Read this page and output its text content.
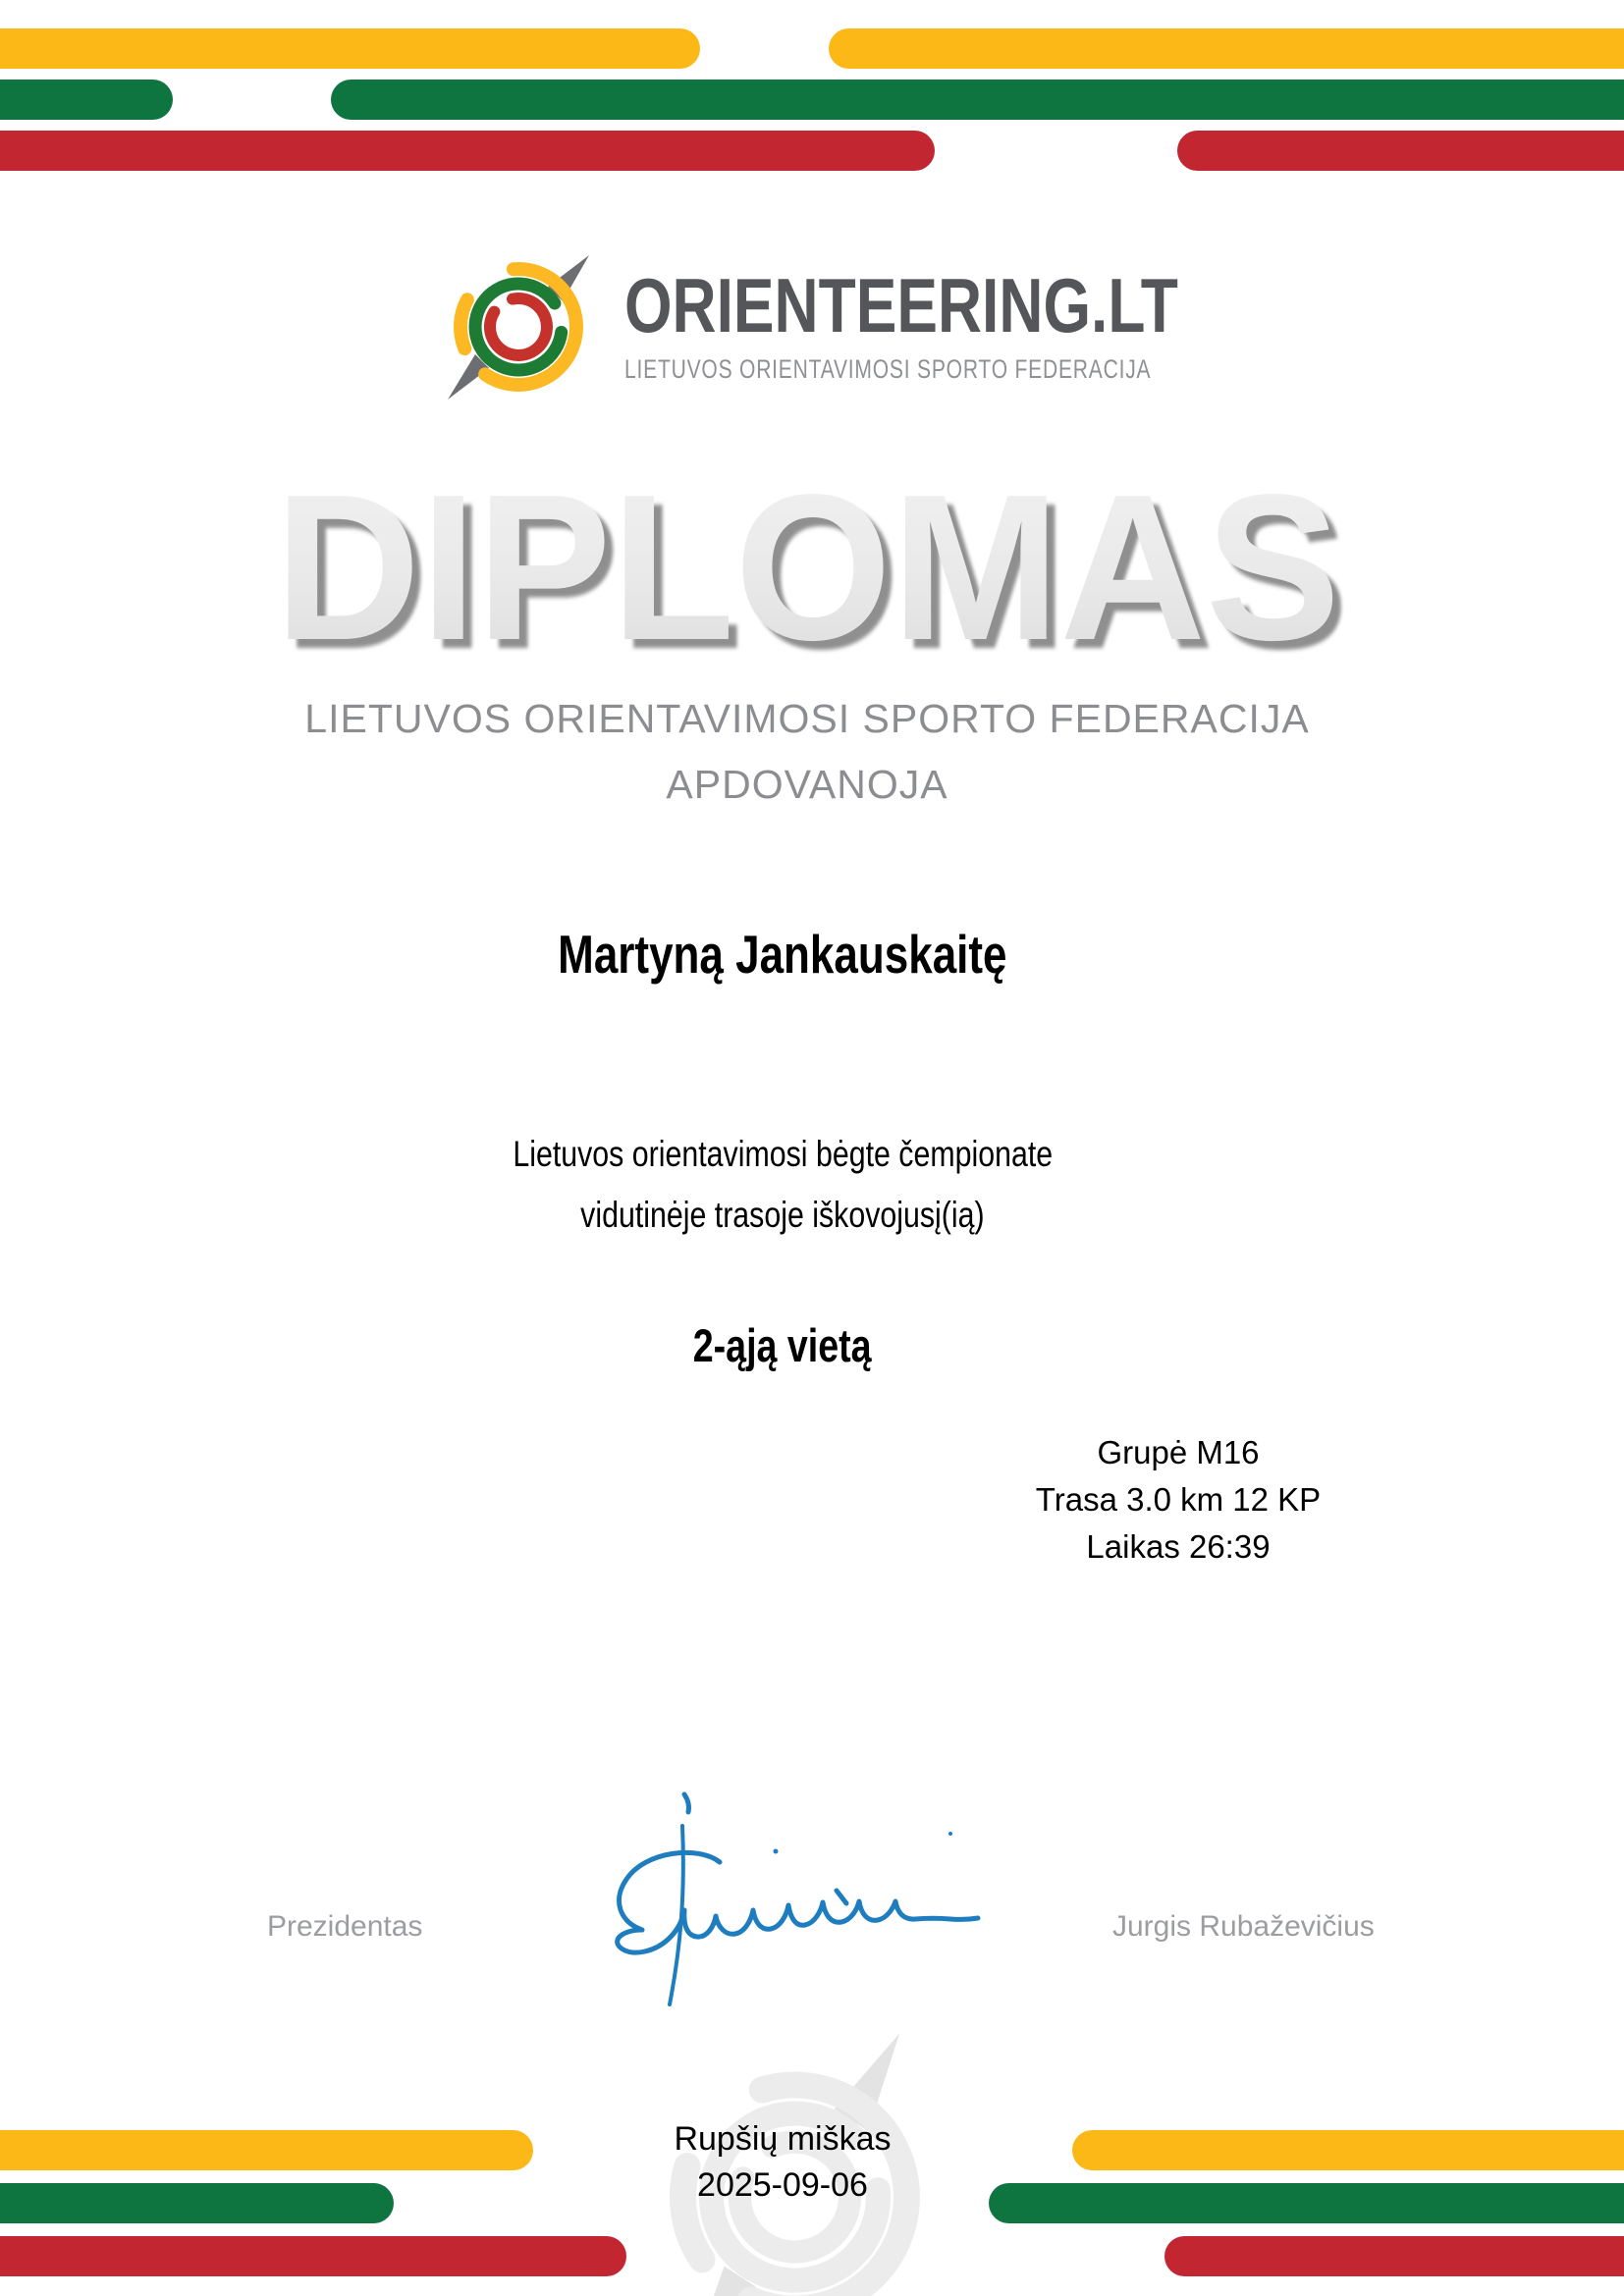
ORIENTEERING.LT
LIETUVOS ORIENTAVIMOSI SPORTO FEDERACIJA
DIPLOMAS
LIETUVOS ORIENTAVIMOSI SPORTO FEDERACIJA
APDOVANOJA
Martyną Jankauskaitę
Lietuvos orientavimosi bėgte čempionate
vidutinėje trasoje iškovojusį(ią)
2-ąją vietą
Grupė M16
Trasa 3.0 km 12 KP
Laikas 26:39
Prezidentas	Jurgis Rubaževičius
Rupšių miškas
2025-09-06
